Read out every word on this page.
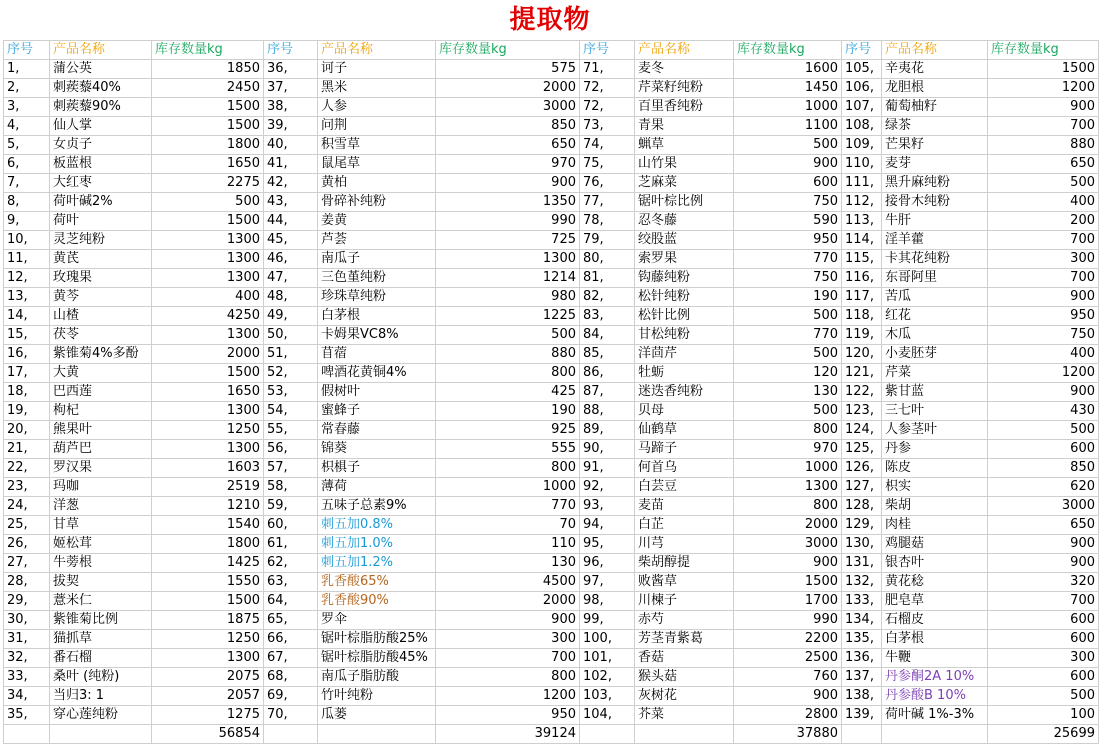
提取物
序号	产品名称	库存数量kg	序号	产品名称	库存数量kg	序号	产品名称	库存数量kg	序号	产品名称	库存数量kg
1,	蒲公英	1850	36,	诃子	575	71,	麦冬	1600	105,	辛夷花	1500
2,	刺蒺藜40%	2450	37,	黑米	2000	72,	芹菜籽纯粉	1450	106,	龙胆根	1200
3,	刺蒺藜90%	1500	38,	人参	3000	72,	百里香纯粉	1000	107,	葡萄柚籽	900
4,	仙人掌	1500	39,	问荆	850	73,	青果	1100	108,	绿茶	700
5,	女贞子	1800	40,	积雪草	650	74,	蝋草	500	109,	芒果籽	880
6,	板蓝根	1650	41,	鼠尾草	970	75,	山竹果	900	110,	麦芽	650
7,	大红枣	2275	42,	黄柏	900	76,	芝麻菜	600	111,	黑升麻纯粉	500
8,	荷叶碱2%	500	43,	骨碎补纯粉	1350	77,	锯叶棕比例	750	112,	接骨木纯粉	400
9,	荷叶	1500	44,	姜黄	990	78,	忍冬藤	590	113,	牛肝	200
10,	灵芝纯粉	1300	45,	芦荟	725	79,	绞股蓝	950	114,	淫羊藿	700
11,	黄芪	1300	46,	南瓜子	1300	80,	索罗果	770	115,	卡其花纯粉	300
12,	玫瑰果	1300	47,	三色堇纯粉	1214	81,	钩藤纯粉	750	116,	东哥阿里	700
13,	黄芩	400	48,	珍珠草纯粉	980	82,	松针纯粉	190	117,	苦瓜	900
14,	山楂	4250	49,	白茅根	1225	83,	松针比例	500	118,	红花	950
15,	茯苓	1300	50,	卡姆果VC8%	500	84,	甘松纯粉	770	119,	木瓜	750
16,	紫锥菊4%多酚	2000	51,	苜蓿	880	85,	洋茴芹	500	120,	小麦胚芽	400
17,	大黄	1500	52,	啤酒花黄铜4%	800	86,	牡蛎	120	121,	芹菜	1200
18,	巴西莲	1650	53,	假树叶	425	87,	迷迭香纯粉	130	122,	紫甘蓝	900
19,	枸杞	1300	54,	蜜蜂子	190	88,	贝母	500	123,	三七叶	430
20,	熊果叶	1250	55,	常春藤	925	89,	仙鹤草	800	124,	人参茎叶	500
21,	葫芦巴	1300	56,	锦葵	555	90,	马蹄子	970	125,	丹参	600
22,	罗汉果	1603	57,	枳椇子	800	91,	何首乌	1000	126,	陈皮	850
23,	玛咖	2519	58,	薄荷	1000	92,	白芸豆	1300	127,	枳实	620
24,	洋葱	1210	59,	五味子总素9%	770	93,	麦苗	800	128,	柴胡	3000
25,	甘草	1540	60,	刺五加0.8%	70	94,	白芷	2000	129,	肉桂	650
26,	姬松茸	1800	61,	刺五加1.0%	110	95,	川芎	3000	130,	鸡腿菇	900
27,	牛蒡根	1425	62,	刺五加1.2%	130	96,	柴胡醇提	900	131,	银杏叶	900
28,	拔契	1550	63,	乳香酸65%	4500	97,	败酱草	1500	132,	黄花稔	320
29,	薏米仁	1500	64,	乳香酸90%	2000	98,	川楝子	1700	133,	肥皂草	700
30,	紫锥菊比例	1875	65,	罗伞	900	99,	赤芍	990	134,	石榴皮	600
31,	猫抓草	1250	66,	锯叶棕脂肪酸25%	300	100,	芳茎青紫葛	2200	135,	白茅根	600
32,	番石榴	1300	67,	锯叶棕脂肪酸45%	700	101,	香菇	2500	136,	牛鞭	300
33,	桑叶 (纯粉)	2075	68,	南瓜子脂肪酸	800	102,	猴头菇	760	137,	丹参酮2A 10%	600
34,	当归3: 1	2057	69,	竹叶纯粉	1200	103,	灰树花	900	138,	丹参酸B 10%	500
35,	穿心莲纯粉	1275	70,	瓜蒌	950	104,	芥菜	2800	139,	荷叶碱 1%-3%	100
		56854			39124			37880			25699
